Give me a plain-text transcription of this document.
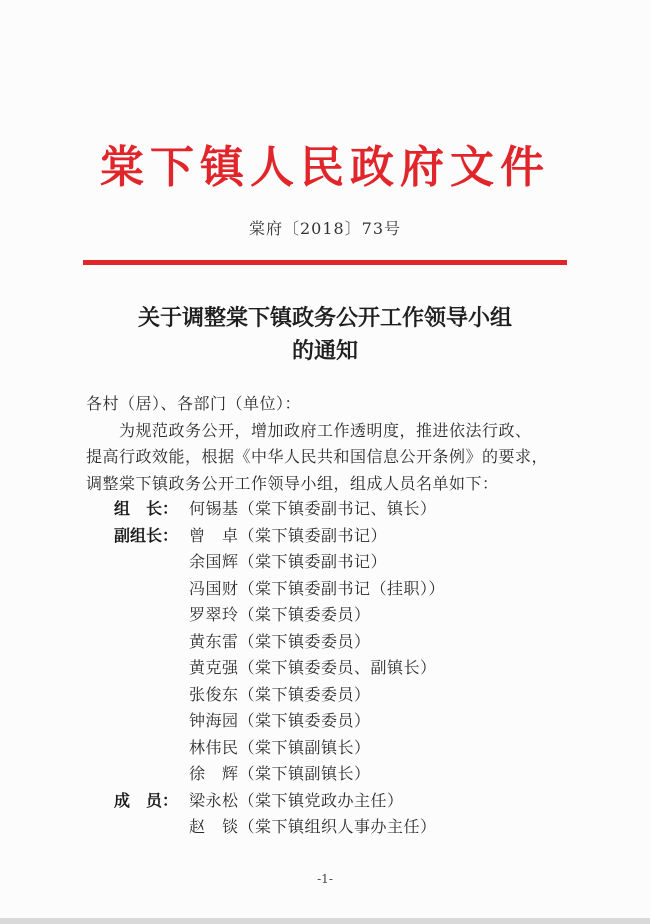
棠下镇人民政府文件
棠府〔2018〕73号
关于调整棠下镇政务公开工作领导小组
的通知
各村（居）、各部门（单位）：
为规范政务公开，增加政府工作透明度，推进依法行政、
提高行政效能，根据《中华人民共和国信息公开条例》的要求，
调整棠下镇政务公开工作领导小组，组成人员名单如下：
组　长： 何锡基（棠下镇委副书记、镇长）
副组长： 曾　卓（棠下镇委副书记）
余国辉（棠下镇委副书记）
冯国财（棠下镇委副书记（挂职））
罗翠玲（棠下镇委委员）
黄东雷（棠下镇委委员）
黄克强（棠下镇委委员、副镇长）
张俊东（棠下镇委委员）
钟海园（棠下镇委委员）
林伟民（棠下镇副镇长）
徐　辉（棠下镇副镇长）
成　员： 梁永松（棠下镇党政办主任）
赵　锬（棠下镇组织人事办主任）
-1-
